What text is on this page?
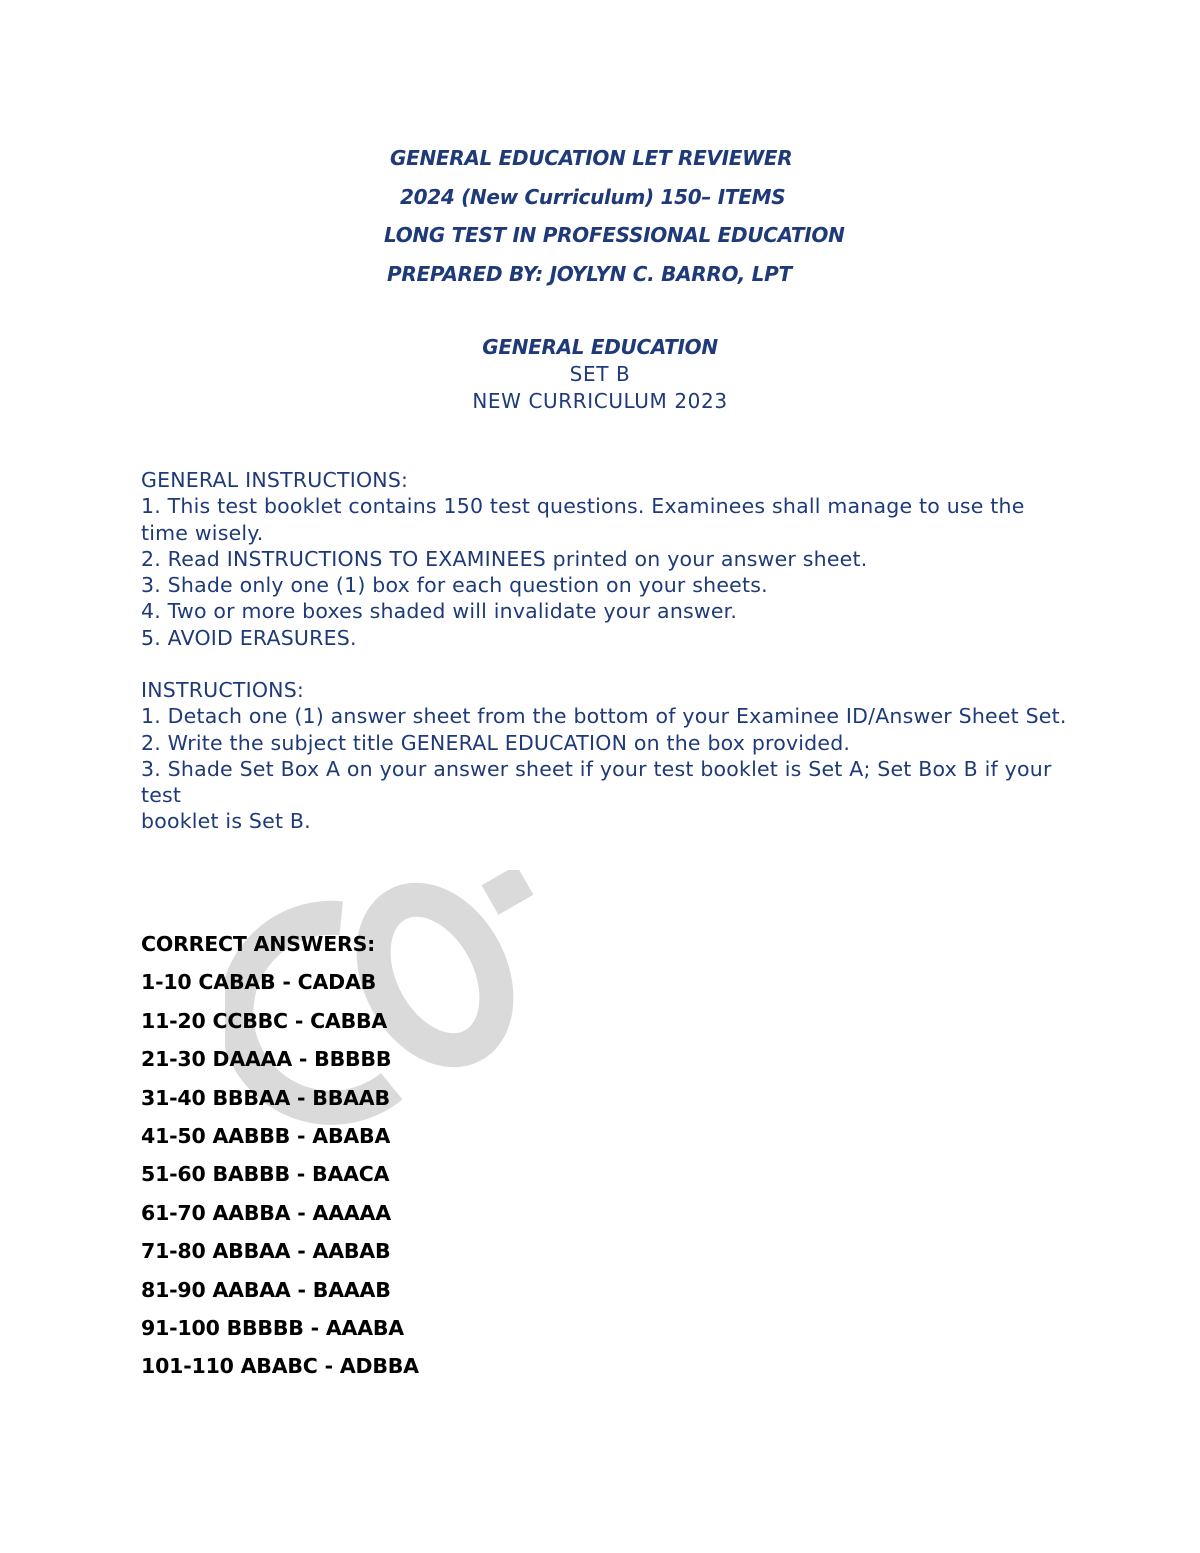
GENERAL EDUCATION LET REVIEWER
2024 (New Curriculum) 150– ITEMS
LONG TEST IN PROFESSIONAL EDUCATION
PREPARED BY: JOYLYN C. BARRO, LPT
GENERAL EDUCATION
SET B
NEW CURRICULUM 2023
GENERAL INSTRUCTIONS:
1. This test booklet contains 150 test questions. Examinees shall manage to use the time wisely.
2. Read INSTRUCTIONS TO EXAMINEES printed on your answer sheet.
3. Shade only one (1) box for each question on your sheets.
4. Two or more boxes shaded will invalidate your answer.
5. AVOID ERASURES.
INSTRUCTIONS:
1. Detach one (1) answer sheet from the bottom of your Examinee ID/Answer Sheet Set.
2. Write the subject title GENERAL EDUCATION on the box provided.
3. Shade Set Box A on your answer sheet if your test booklet is Set A; Set Box B if your test
booklet is Set B.
CORRECT ANSWERS:
1-10 CABAB - CADAB
11-20 CCBBC - CABBA
21-30 DAAAA - BBBBB
31-40 BBBAA - BBAAB
41-50 AABBB - ABABA
51-60 BABBB - BAACA
61-70 AABBA - AAAAA
71-80 ABBAA - AABAB
81-90 AABAA - BAAAB
91-100 BBBBB - AAABA
101-110 ABABC - ADBBA
